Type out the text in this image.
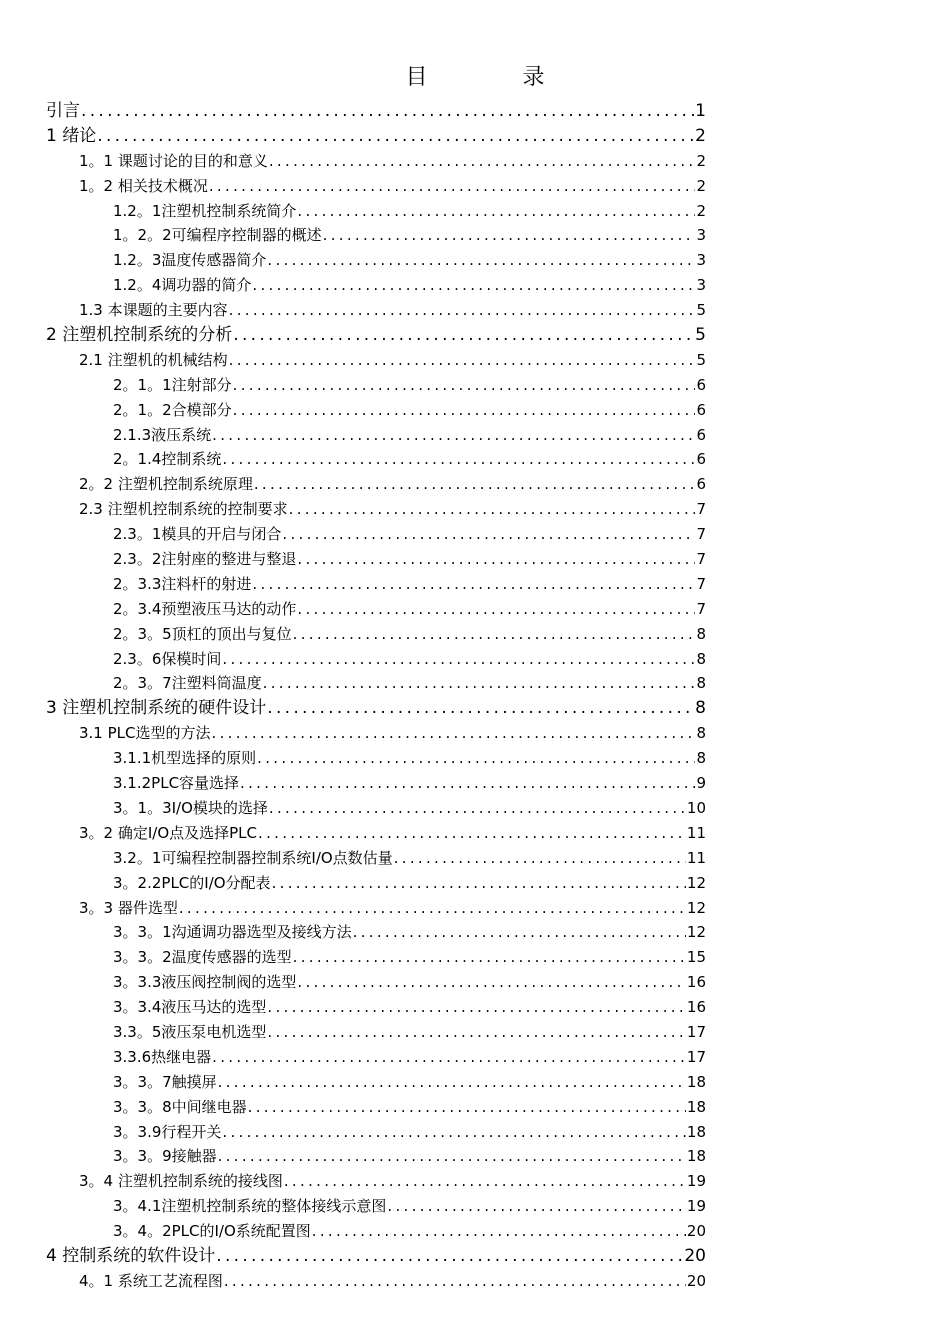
目 录
引言 .....	1
1 绪论 .....	2
1。1 课题讨论的目的和意义 .....	2
1。2 相关技术概况 .....	2
1.2。1注塑机控制系统简介 .....	2
1。2。2可编程序控制器的概述 .....	3
1.2。3温度传感器简介 .....	3
1.2。4调功器的简介 .....	3
1.3 本课题的主要内容 .....	5
2 注塑机控制系统的分析 .....	5
2.1 注塑机的机械结构 .....	5
2。1。1注射部分 .....	6
2。1。2合模部分 .....	6
2.1.3液压系统 .....	6
2。1.4控制系统 .....	6
2。2 注塑机控制系统原理 .....	6
2.3 注塑机控制系统的控制要求 .....	7
2.3。1模具的开启与闭合 .....	7
2.3。2注射座的整进与整退 .....	7
2。3.3注料杆的射进 .....	7
2。3.4预塑液压马达的动作 .....	7
2。3。5顶杠的顶出与复位 .....	8
2.3。6保模时间 .....	8
2。3。7注塑料筒温度 .....	8
3 注塑机控制系统的硬件设计 .....	8
3.1 PLC选型的方法 .....	8
3.1.1机型选择的原则 .....	8
3.1.2PLC容量选择 .....	9
3。1。3I/O模块的选择 .....	10
3。2 确定I/O点及选择PLC .....	11
3.2。1可编程控制器控制系统I/O点数估量 .....	11
3。2.2PLC的I/O分配表 .....	12
3。3 器件选型 .....	12
3。3。1沟通调功器选型及接线方法 .....	12
3。3。2温度传感器的选型 .....	15
3。3.3液压阀控制阀的选型 .....	16
3。3.4液压马达的选型 .....	16
3.3。5液压泵电机选型 .....	17
3.3.6热继电器 .....	17
3。3。7触摸屏 .....	18
3。3。8中间继电器 .....	18
3。3.9行程开关 .....	18
3。3。9接触器 .....	18
3。4 注塑机控制系统的接线图 .....	19
3。4.1注塑机控制系统的整体接线示意图 .....	19
3。4。2PLC的I/O系统配置图 .....	20
4 控制系统的软件设计 .....	20
4。1 系统工艺流程图 .....	20
